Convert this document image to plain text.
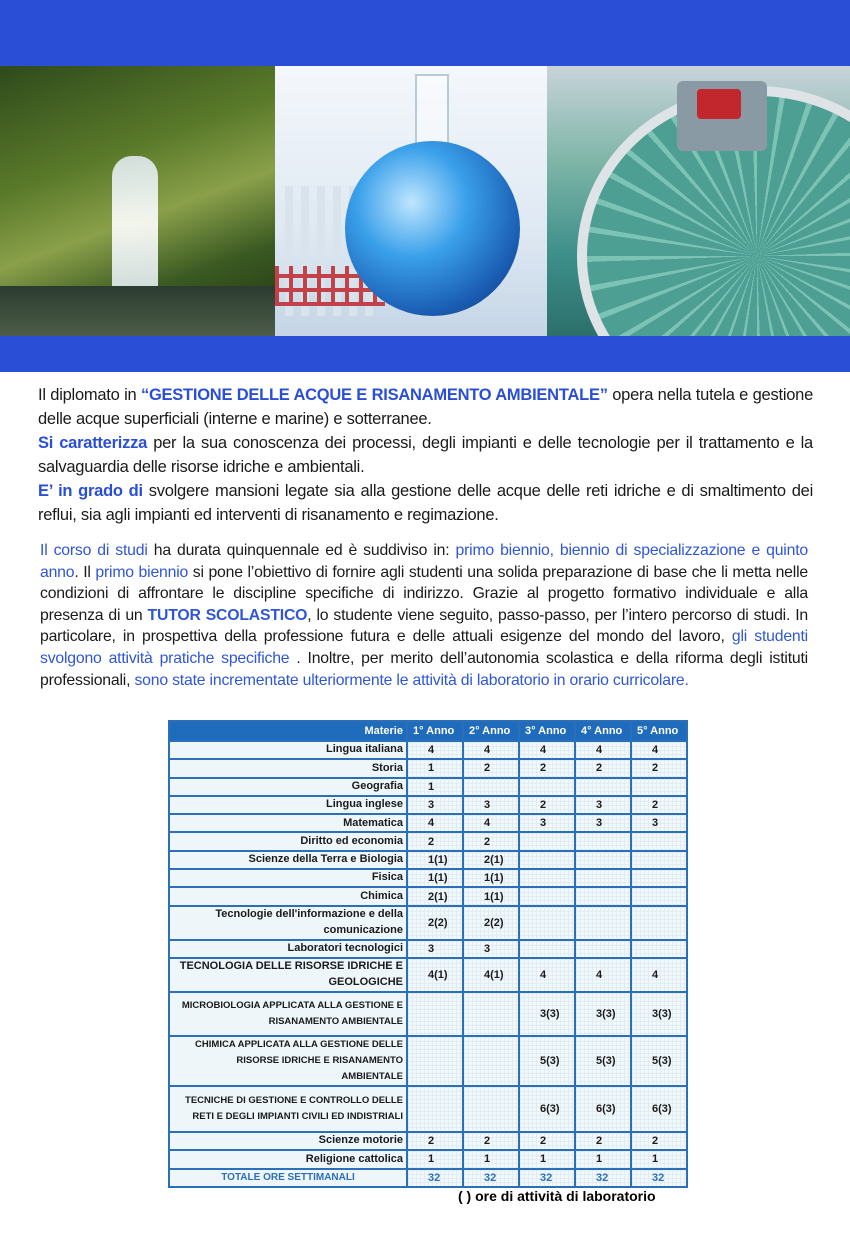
Il diplomato in “GESTIONE DELLE ACQUE E RISANAMENTO AMBIENTALE” opera nella tutela e gestione delle acque superficiali (interne e marine) e sotterranee.

Si caratterizza per la sua conoscenza dei processi, degli impianti e delle tecnologie per il trattamento e la salvaguardia delle risorse idriche e ambientali.

E’ in grado di svolgere mansioni legate sia alla gestione delle acque delle reti idriche e di smaltimento dei reflui, sia agli impianti ed interventi di risanamento e regimazione.

Il corso di studi ha durata quinquennale ed è suddiviso in: primo biennio, biennio di specializzazione e quinto anno. Il primo biennio si pone l’obiettivo di fornire agli studenti una solida preparazione di base che li metta nelle condizioni di affrontare le discipline specifiche di indirizzo. Grazie al progetto formativo individuale e alla presenza di un TUTOR SCOLASTICO, lo studente viene seguito, passo-passo, per l’intero percorso di studi. In particolare, in prospettiva della professione futura e delle attuali esigenze del mondo del lavoro, gli studenti svolgono attività pratiche specifiche . Inoltre, per merito dell’autonomia scolastica e della riforma degli istituti professionali, sono state incrementate ulteriormente le attività di laboratorio in orario curricolare.
Materie	1° Anno	2° Anno	3° Anno	4° Anno	5° Anno
Lingua italiana	4	4	4	4	4
Storia	1	2	2	2	2
Geografia	1				
Lingua inglese	3	3	2	3	2
Matematica	4	4	3	3	3
Diritto ed economia	2	2			
Scienze della Terra e Biologia	1(1)	2(1)			
Fisica	1(1)	1(1)			
Chimica	2(1)	1(1)			
Tecnologie dell'informazione e della comunicazione	2(2)	2(2)			
Laboratori tecnologici	3	3			
TECNOLOGIA DELLE RISORSE IDRICHE E GEOLOGICHE	4(1)	4(1)	4	4	4
MICROBIOLOGIA APPLICATA ALLA GESTIONE E RISANAMENTO AMBIENTALE			3(3)	3(3)	3(3)
CHIMICA APPLICATA ALLA GESTIONE DELLE RISORSE IDRICHE E RISANAMENTO AMBIENTALE			5(3)	5(3)	5(3)
TECNICHE DI GESTIONE E CONTROLLO DELLE RETI E DEGLI IMPIANTI CIVILI ED INDISTRIALI			6(3)	6(3)	6(3)
Scienze motorie	2	2	2	2	2
Religione cattolica	1	1	1	1	1
TOTALE ORE SETTIMANALI	32	32	32	32	32
( ) ore di attività di laboratorio
